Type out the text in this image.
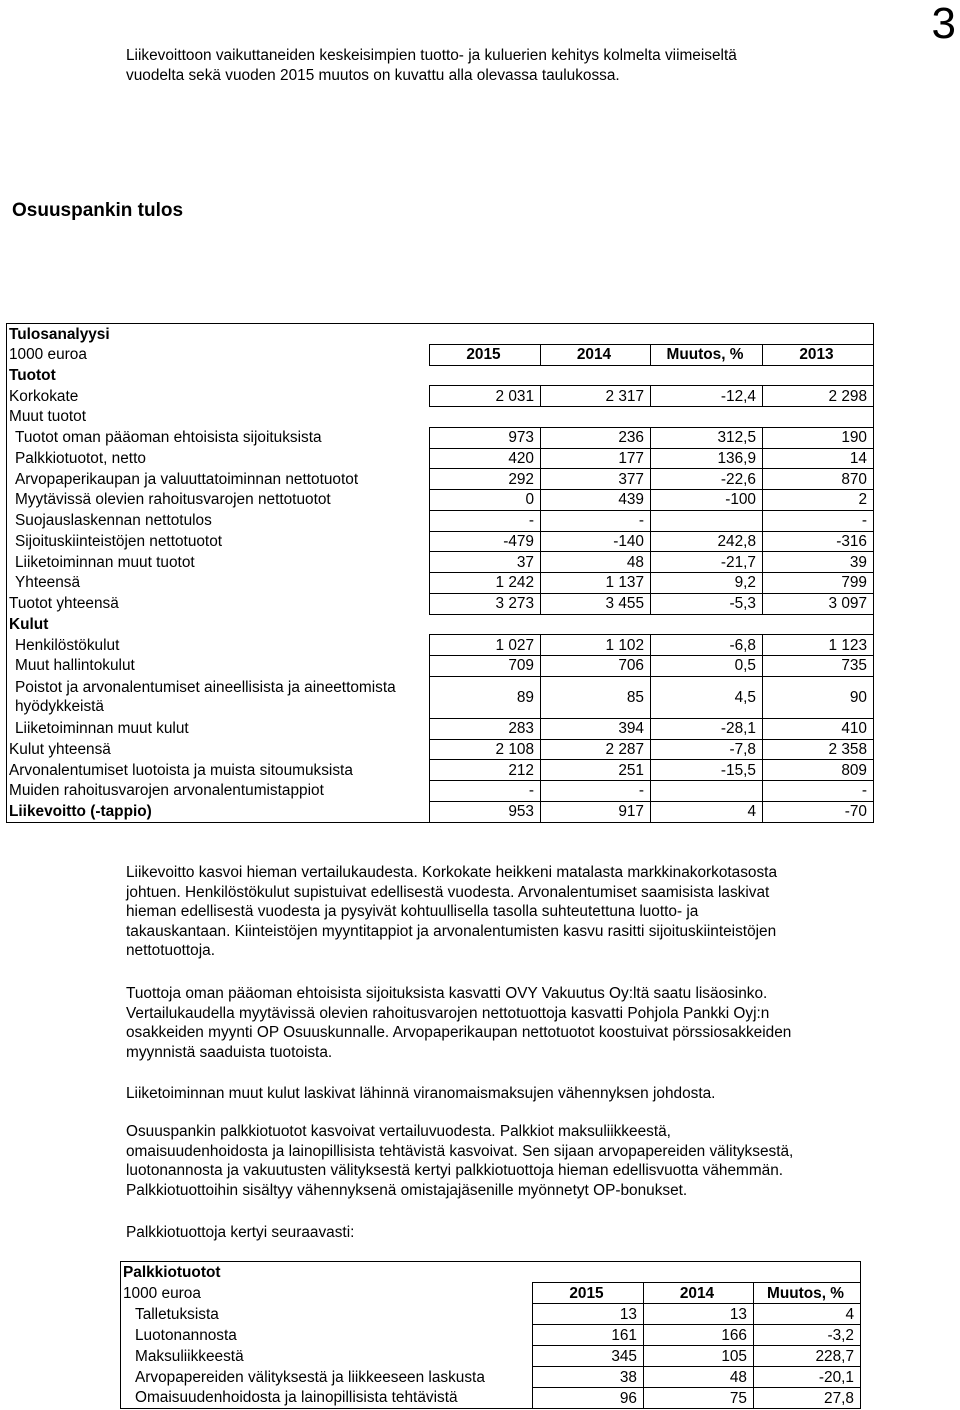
3
Osuuspankin tulos
Liikevoittoon vaikuttaneiden keskeisimpien tuotto- ja kuluerien kehitys kolmelta viimeiseltä
vuodelta sekä vuoden 2015 muutos on kuvattu alla olevassa taulukossa.
Tulosanalyysi				
1000 euroa	2015	2014	Muutos, %	2013
Tuotot				
Korkokate	2 031	2 317	-12,4	2 298
Muut tuotot				
Tuotot oman pääoman ehtoisista sijoituksista	973	236	312,5	190
Palkkiotuotot, netto	420	177	136,9	14
Arvopaperikaupan ja valuuttatoiminnan nettotuotot	292	377	-22,6	870
Myytävissä olevien rahoitusvarojen nettotuotot	0	439	-100	2
Suojauslaskennan nettotulos	-	-		-
Sijoituskiinteistöjen nettotuotot	-479	-140	242,8	-316
Liiketoiminnan muut tuotot	37	48	-21,7	39
Yhteensä	1 242	1 137	9,2	799
Tuotot yhteensä	3 273	3 455	-5,3	3 097
Kulut				
Henkilöstökulut	1 027	1 102	-6,8	1 123
Muut hallintokulut	709	706	0,5	735
Poistot ja arvonalentumiset aineellisista ja aineettomista hyödykkeistä	89	85	4,5	90
Liiketoiminnan muut kulut	283	394	-28,1	410
Kulut yhteensä	2 108	2 287	-7,8	2 358
Arvonalentumiset luotoista ja muista sitoumuksista	212	251	-15,5	809
Muiden rahoitusvarojen arvonalentumistappiot	-	-		-
Liikevoitto (-tappio)	953	917	4	-70
Liikevoitto kasvoi hieman vertailukaudesta. Korkokate heikkeni matalasta markkinakorkotasosta
johtuen. Henkilöstökulut supistuivat edellisestä vuodesta. Arvonalentumiset saamisista laskivat
hieman edellisestä vuodesta ja pysyivät kohtuullisella tasolla suhteutettuna luotto- ja
takauskantaan. Kiinteistöjen myyntitappiot ja arvonalentumisten kasvu rasitti sijoituskiinteistöjen
nettotuottoja.
Tuottoja oman pääoman ehtoisista sijoituksista kasvatti OVY Vakuutus Oy:ltä saatu lisäosinko.
Vertailukaudella myytävissä olevien rahoitusvarojen nettotuottoja kasvatti Pohjola Pankki Oyj:n
osakkeiden myynti OP Osuuskunnalle. Arvopaperikaupan nettotuotot koostuivat pörssiosakkeiden
myynnistä saaduista tuotoista.
Liiketoiminnan muut kulut laskivat lähinnä viranomaismaksujen vähennyksen johdosta.
Osuuspankin palkkiotuotot kasvoivat vertailuvuodesta. Palkkiot maksuliikkeestä,
omaisuudenhoidosta ja lainopillisista tehtävistä kasvoivat. Sen sijaan arvopapereiden välityksestä,
luotonannosta ja vakuutusten välityksestä kertyi palkkiotuottoja hieman edellisvuotta vähemmän.
Palkkiotuottoihin sisältyy vähennyksenä omistajajäsenille myönnetyt OP-bonukset.
Palkkiotuottoja kertyi seuraavasti:
Palkkiotuotot			
1000 euroa	2015	2014	Muutos, %
Talletuksista	13	13	4
Luotonannosta	161	166	-3,2
Maksuliikkeestä	345	105	228,7
Arvopapereiden välityksestä ja liikkeeseen laskusta	38	48	-20,1
Omaisuudenhoidosta ja lainopillisista tehtävistä	96	75	27,8
